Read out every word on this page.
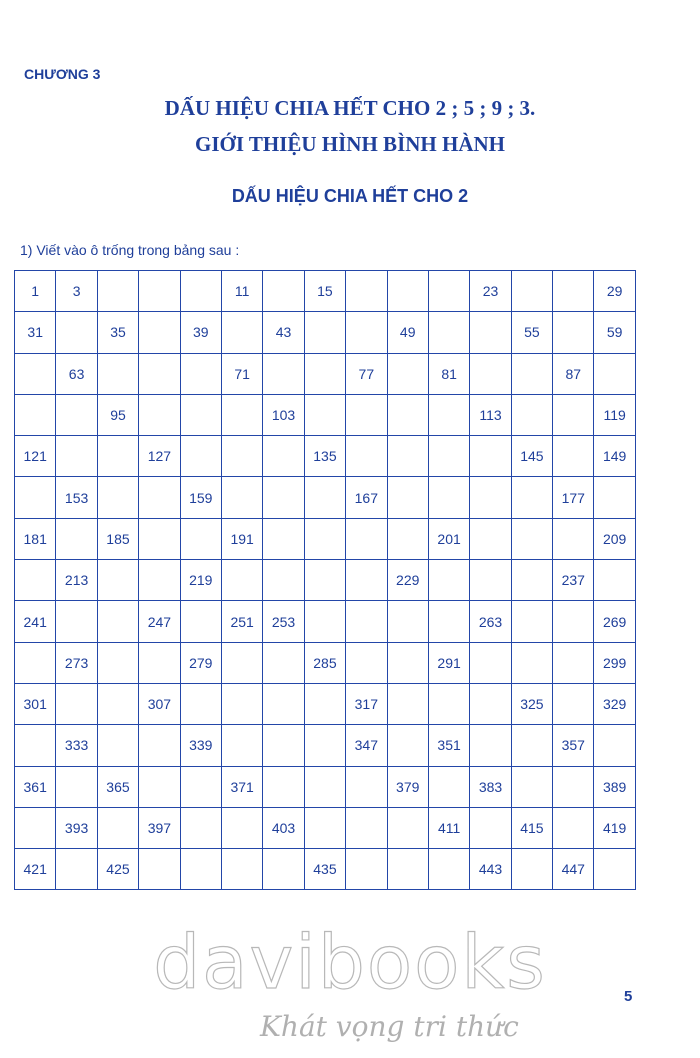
CHƯƠNG 3
DẤU HIỆU CHIA HẾT CHO 2 ; 5 ; 9 ; 3.
GIỚI THIỆU HÌNH BÌNH HÀNH
DẤU HIỆU CHIA HẾT CHO 2
1) Viết vào ô trống trong bảng sau :
1	3				11		15				23			29
31		35		39		43			49			55		59
	63				71			77		81			87	
		95				103					113			119
121			127				135					145		149
	153			159				167					177	
181		185			191					201				209
	213			219					229				237	
241			247		251	253					263			269
	273			279			285			291				299
301			307					317				325		329
	333			339				347		351			357	
361		365			371				379		383			389
	393		397			403				411		415		419
421		425					435				443		447	
davibooks
Khát vọng tri thức
5
